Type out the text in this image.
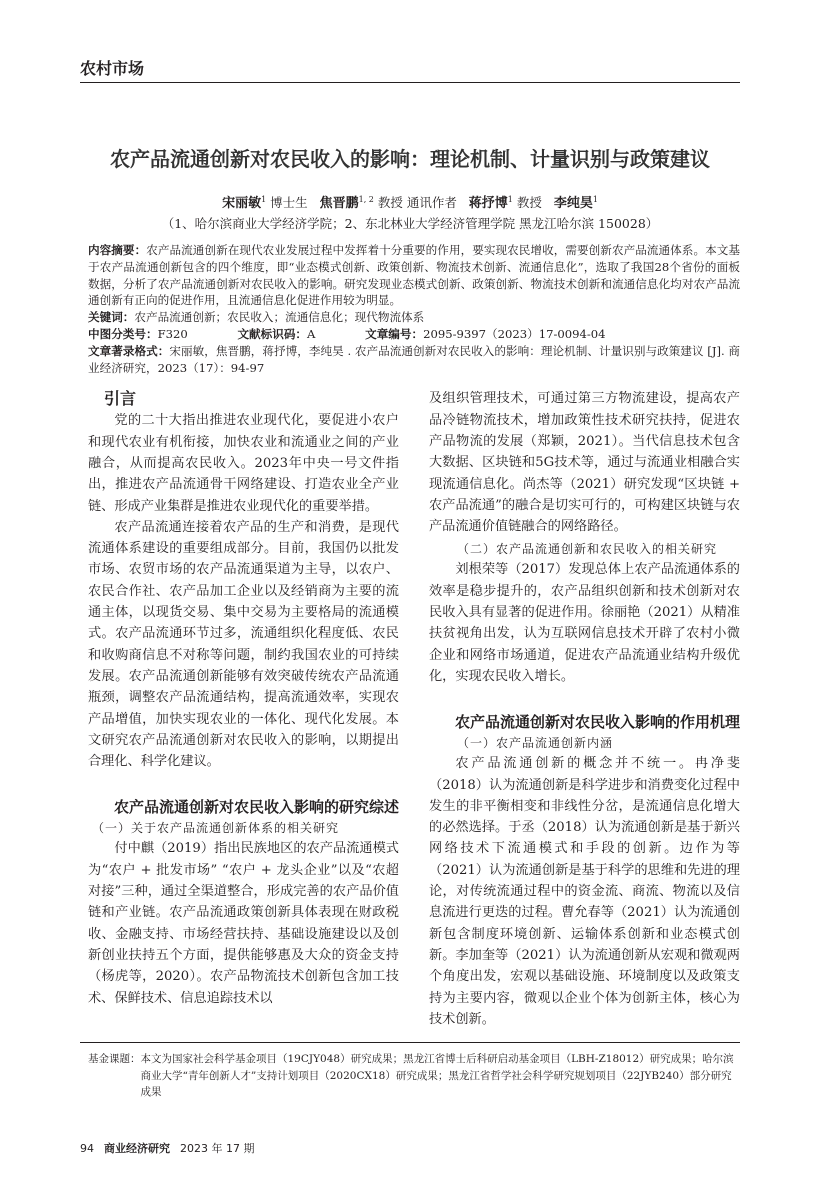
农村市场
农产品流通创新对农民收入的影响：理论机制、计量识别与政策建议
宋丽敏$^1$ 博士生 焦晋鹏$^{1, 2}$ 教授 通讯作者 蒋抒博$^1$ 教授 李纯昊$^1$
（1、哈尔滨商业大学经济学院；2、东北林业大学经济管理学院 黑龙江哈尔滨 150028）
内容摘要：农产品流通创新在现代农业发展过程中发挥着十分重要的作用，要实现农民增收，需要创新农产品流通体系。本文基于农产品流通创新包含的四个维度，即“业态模式创新、政策创新、物流技术创新、流通信息化”，选取了我国28个省份的面板数据，分析了农产品流通创新对农民收入的影响。研究发现业态模式创新、政策创新、物流技术创新和流通信息化均对农产品流通创新有正向的促进作用，且流通信息化促进作用较为明显。
关键词：农产品流通创新；农民收入；流通信息化；现代物流体系
中图分类号：F320	文献标识码：A	文章编号：2095-9397（2023）17-0094-04
文章著录格式：宋丽敏，焦晋鹏，蒋抒博，李纯昊 . 农产品流通创新对农民收入的影响：理论机制、计量识别与政策建议 [J]. 商业经济研究，2023（17）：94-97
引言

党的二十大指出推进农业现代化，要促进小农户和现代农业有机衔接，加快农业和流通业之间的产业融合，从而提高农民收入。2023年中央一号文件指出，推进农产品流通骨干网络建设、打造农业全产业链、形成产业集群是推进农业现代化的重要举措。

农产品流通连接着农产品的生产和消费，是现代流通体系建设的重要组成部分。目前，我国仍以批发市场、农贸市场的农产品流通渠道为主导，以农户、农民合作社、农产品加工企业以及经销商为主要的流通主体，以现货交易、集中交易为主要格局的流通模式。农产品流通环节过多，流通组织化程度低、农民和收购商信息不对称等问题，制约我国农业的可持续发展。农产品流通创新能够有效突破传统农产品流通瓶颈，调整农产品流通结构，提高流通效率，实现农产品增值，加快实现农业的一体化、现代化发展。本文研究农产品流通创新对农民收入的影响，以期提出合理化、科学化建议。

农产品流通创新对农民收入影响的研究综述
（一）关于农产品流通创新体系的相关研究

付中麒（2019）指出民族地区的农产品流通模式为“农户 + 批发市场” “农户 + 龙头企业”以及“农超对接”三种，通过全渠道整合，形成完善的农产品价值链和产业链。农产品流通政策创新具体表现在财政税收、金融支持、市场经营扶持、基础设施建设以及创新创业扶持五个方面，提供能够惠及大众的资金支持（杨虎等，2020）。农产品物流技术创新包含加工技术、保鲜技术、信息追踪技术以

及组织管理技术，可通过第三方物流建设，提高农产品冷链物流技术，增加政策性技术研究扶持，促进农产品物流的发展（郑颖，2021）。当代信息技术包含大数据、区块链和5G技术等，通过与流通业相融合实现流通信息化。尚杰等（2021）研究发现“区块链 + 农产品流通”的融合是切实可行的，可构建区块链与农产品流通价值链融合的网络路径。

（二）农产品流通创新和农民收入的相关研究

刘根荣等（2017）发现总体上农产品流通体系的效率是稳步提升的，农产品组织创新和技术创新对农民收入具有显著的促进作用。徐丽艳（2021）从精准扶贫视角出发，认为互联网信息技术开辟了农村小微企业和网络市场通道，促进农产品流通业结构升级优化，实现农民收入增长。

农产品流通创新对农民收入影响的作用机理
（一）农产品流通创新内涵

农产品流通创新的概念并不统一。冉净斐（2018）认为流通创新是科学进步和消费变化过程中发生的非平衡相变和非线性分岔，是流通信息化增大的必然选择。于丞（2018）认为流通创新是基于新兴网络技术下流通模式和手段的创新。边作为等（2021）认为流通创新是基于科学的思维和先进的理论，对传统流通过程中的资金流、商流、物流以及信息流进行更迭的过程。曹允春等（2021）认为流通创新包含制度环境创新、运输体系创新和业态模式创新。李加奎等（2021）认为流通创新从宏观和微观两个角度出发，宏观以基础设施、环境制度以及政策支持为主要内容，微观以企业个体为创新主体，核心为技术创新。

基金课题： 本文为国家社会科学基金项目（19CJY048）研究成果；黑龙江省博士后科研启动基金项目（LBH-Z18012）研究成果；哈尔滨商业大学“青年创新人才”支持计划项目（2020CX18）研究成果；黑龙江省哲学社会科学研究规划项目（22JYB240）部分研究成果
94 商业经济研究 2023 年 17 期
